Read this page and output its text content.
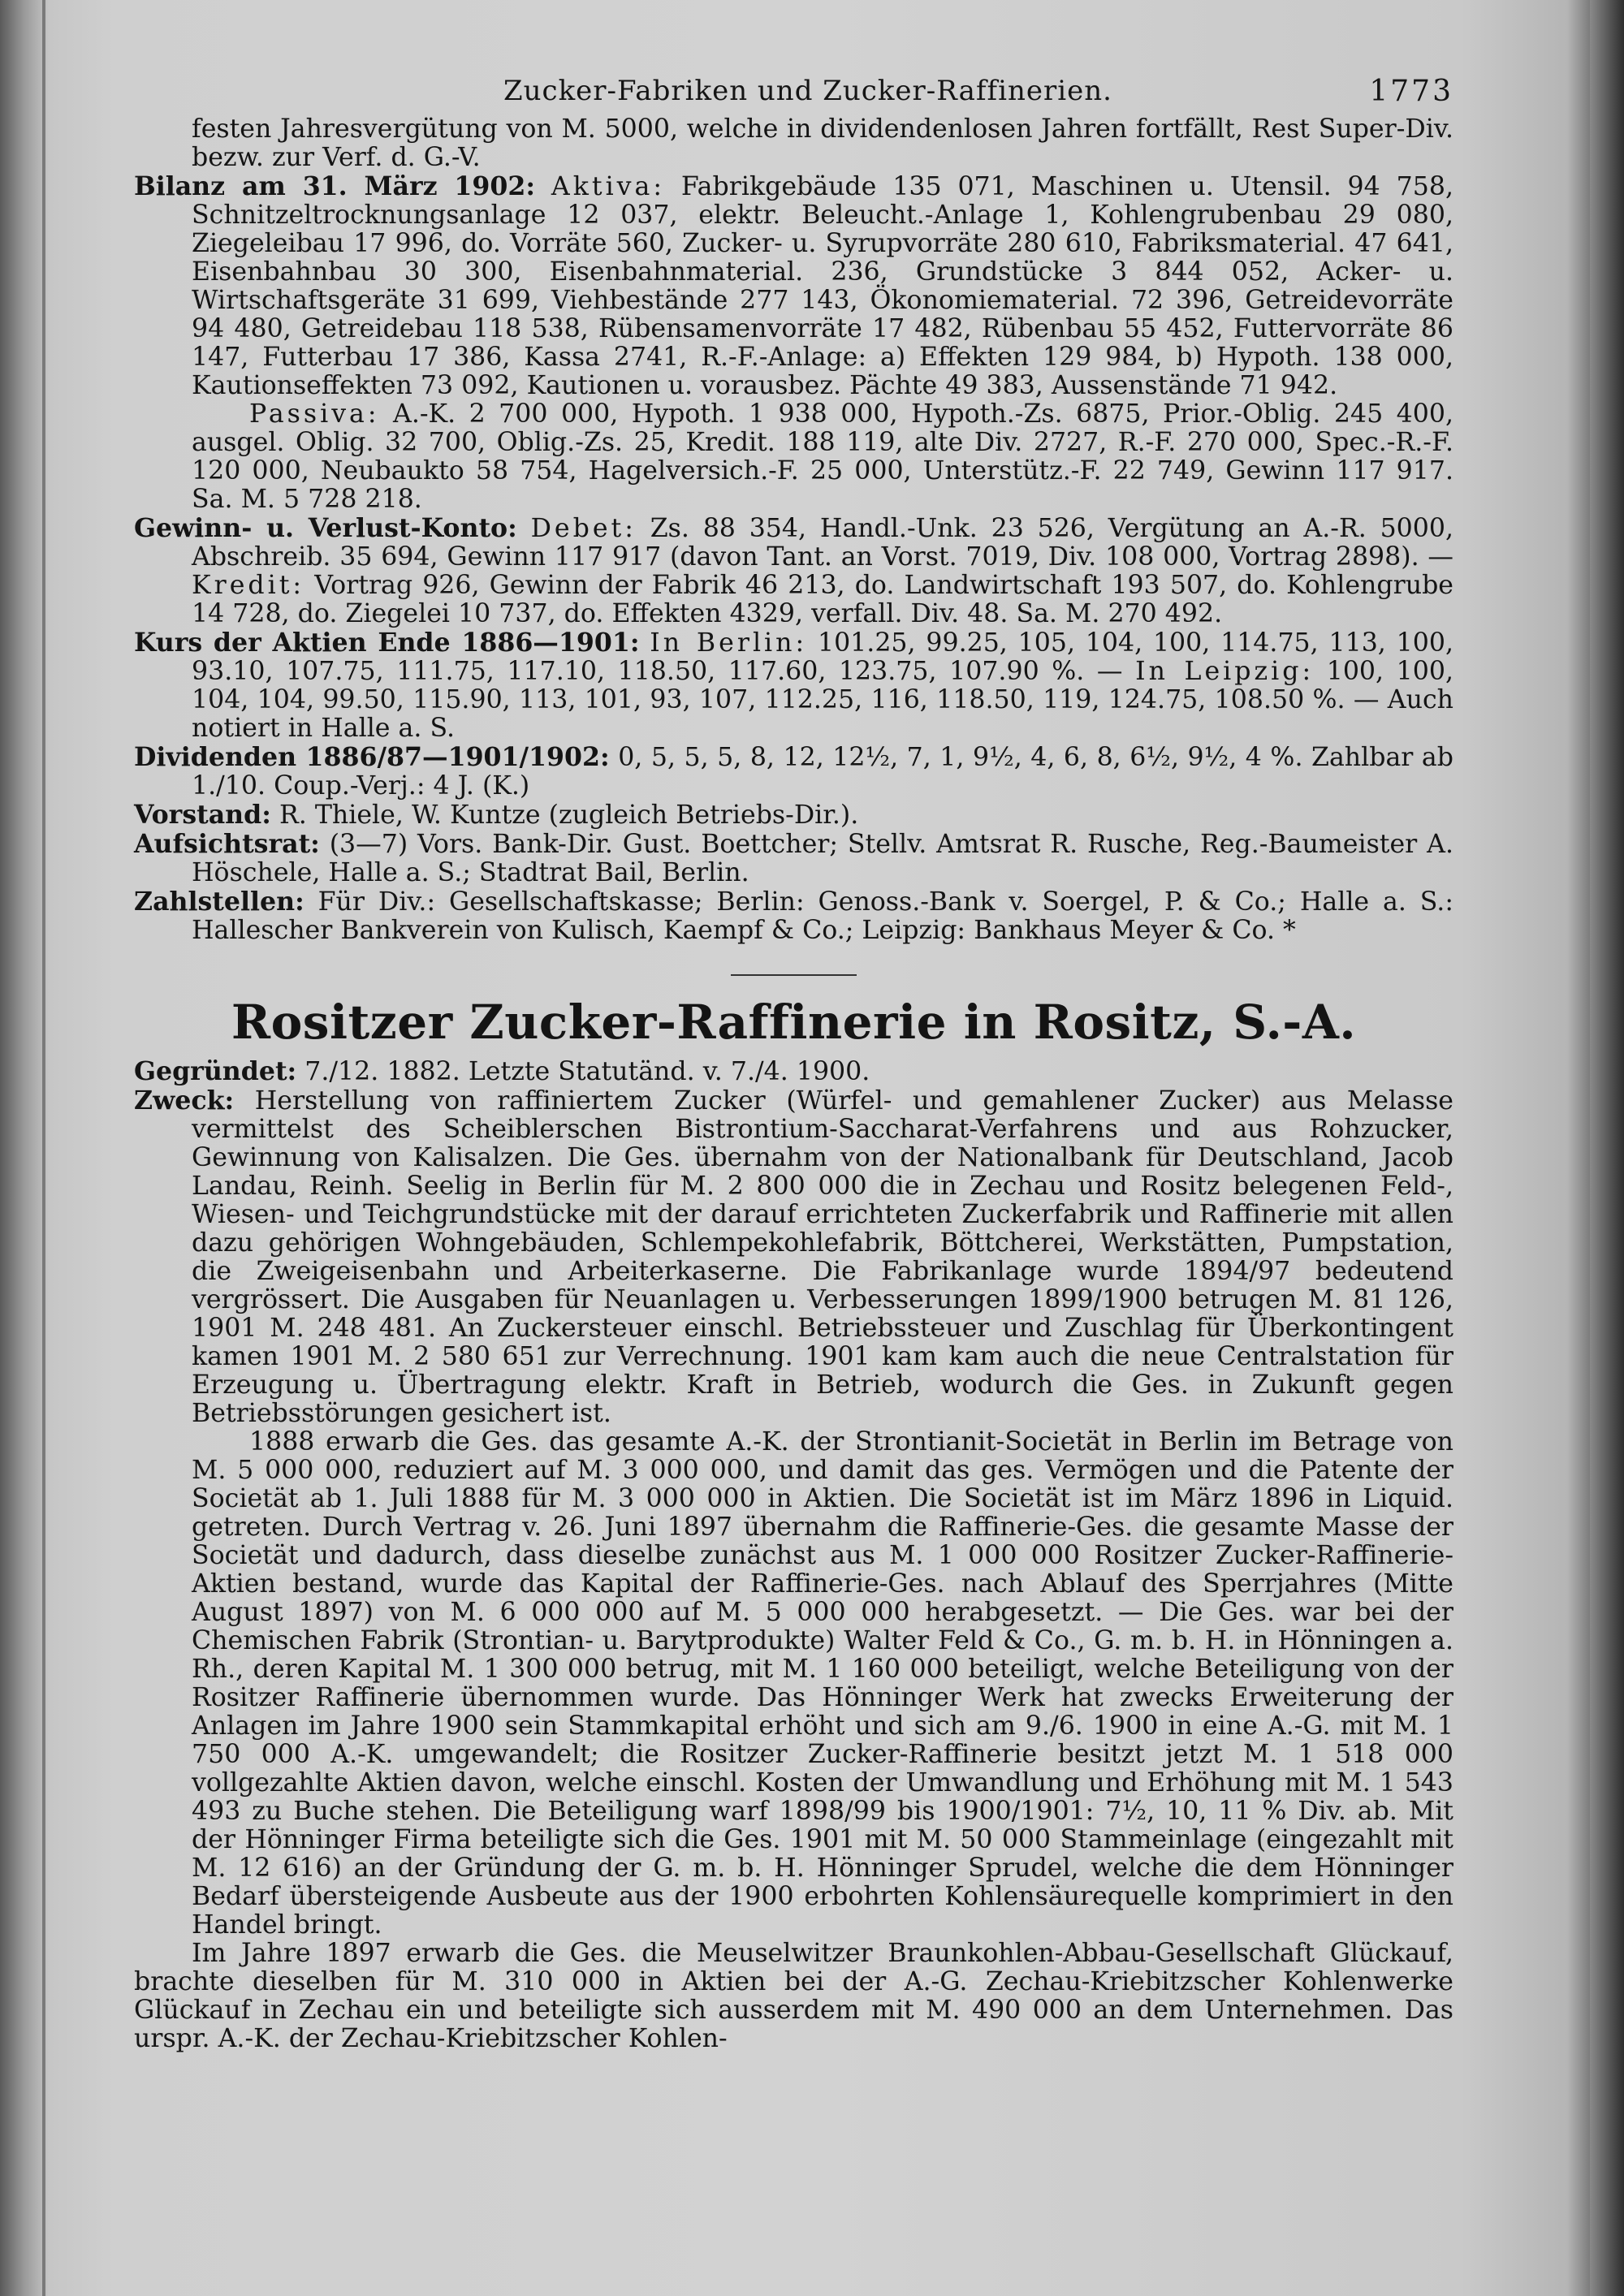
Zucker-Fabriken und Zucker-Raffinerien.	1773

festen Jahresvergütung von M. 5000, welche in dividendenlosen Jahren fortfällt, Rest Super-Div. bezw. zur Verf. d. G.-V.

Bilanz am 31. März 1902: Aktiva: Fabrikgebäude 135 071, Maschinen u. Utensil. 94 758, Schnitzeltrocknungsanlage 12 037, elektr. Beleucht.-Anlage 1, Kohlengrubenbau 29 080, Ziegeleibau 17 996, do. Vorräte 560, Zucker- u. Syrupvorräte 280 610, Fabriksmaterial. 47 641, Eisenbahnbau 30 300, Eisenbahnmaterial. 236, Grundstücke 3 844 052, Acker- u. Wirtschaftsgeräte 31 699, Viehbestände 277 143, Ökonomiematerial. 72 396, Getreidevorräte 94 480, Getreidebau 118 538, Rübensamenvorräte 17 482, Rübenbau 55 452, Futtervorräte 86 147, Futterbau 17 386, Kassa 2741, R.-F.-Anlage: a) Effekten 129 984, b) Hypoth. 138 000, Kautionseffekten 73 092, Kautionen u. vorausbez. Pächte 49 383, Aussenstände 71 942.
Passiva: A.-K. 2 700 000, Hypoth. 1 938 000, Hypoth.-Zs. 6875, Prior.-Oblig. 245 400, ausgel. Oblig. 32 700, Oblig.-Zs. 25, Kredit. 188 119, alte Div. 2727, R.-F. 270 000, Spec.-R.-F. 120 000, Neubaukto 58 754, Hagelversich.-F. 25 000, Unterstütz.-F. 22 749, Gewinn 117 917. Sa. M. 5 728 218.

Gewinn- u. Verlust-Konto: Debet: Zs. 88 354, Handl.-Unk. 23 526, Vergütung an A.-R. 5000, Abschreib. 35 694, Gewinn 117 917 (davon Tant. an Vorst. 7019, Div. 108 000, Vortrag 2898). — Kredit: Vortrag 926, Gewinn der Fabrik 46 213, do. Landwirtschaft 193 507, do. Kohlengrube 14 728, do. Ziegelei 10 737, do. Effekten 4329, verfall. Div. 48. Sa. M. 270 492.

Kurs der Aktien Ende 1886—1901: In Berlin: 101.25, 99.25, 105, 104, 100, 114.75, 113, 100, 93.10, 107.75, 111.75, 117.10, 118.50, 117.60, 123.75, 107.90 %. — In Leipzig: 100, 100, 104, 104, 99.50, 115.90, 113, 101, 93, 107, 112.25, 116, 118.50, 119, 124.75, 108.50 %. — Auch notiert in Halle a. S.

Dividenden 1886/87—1901/1902: 0, 5, 5, 5, 8, 12, 12½, 7, 1, 9½, 4, 6, 8, 6½, 9½, 4 %. Zahlbar ab 1./10. Coup.-Verj.: 4 J. (K.)

Vorstand: R. Thiele, W. Kuntze (zugleich Betriebs-Dir.).

Aufsichtsrat: (3—7) Vors. Bank-Dir. Gust. Boettcher; Stellv. Amtsrat R. Rusche, Reg.-Baumeister A. Höschele, Halle a. S.; Stadtrat Bail, Berlin.

Zahlstellen: Für Div.: Gesellschaftskasse; Berlin: Genoss.-Bank v. Soergel, P. & Co.; Halle a. S.: Hallescher Bankverein von Kulisch, Kaempf & Co.; Leipzig: Bankhaus Meyer & Co. *

Rositzer Zucker-Raffinerie in Rositz, S.-A.

Gegründet: 7./12. 1882. Letzte Statutänd. v. 7./4. 1900.

Zweck: Herstellung von raffiniertem Zucker (Würfel- und gemahlener Zucker) aus Melasse vermittelst des Scheiblerschen Bistrontium-Saccharat-Verfahrens und aus Rohzucker, Gewinnung von Kalisalzen. Die Ges. übernahm von der Nationalbank für Deutschland, Jacob Landau, Reinh. Seelig in Berlin für M. 2 800 000 die in Zechau und Rositz belegenen Feld-, Wiesen- und Teichgrundstücke mit der darauf errichteten Zuckerfabrik und Raffinerie mit allen dazu gehörigen Wohngebäuden, Schlempekohlefabrik, Böttcherei, Werkstätten, Pumpstation, die Zweigeisenbahn und Arbeiterkaserne. Die Fabrikanlage wurde 1894/97 bedeutend vergrössert. Die Ausgaben für Neuanlagen u. Verbesserungen 1899/1900 betrugen M. 81 126, 1901 M. 248 481. An Zuckersteuer einschl. Betriebssteuer und Zuschlag für Überkontingent kamen 1901 M. 2 580 651 zur Verrechnung. 1901 kam kam auch die neue Centralstation für Erzeugung u. Übertragung elektr. Kraft in Betrieb, wodurch die Ges. in Zukunft gegen Betriebsstörungen gesichert ist.

1888 erwarb die Ges. das gesamte A.-K. der Strontianit-Societät in Berlin im Betrage von M. 5 000 000, reduziert auf M. 3 000 000, und damit das ges. Vermögen und die Patente der Societät ab 1. Juli 1888 für M. 3 000 000 in Aktien. Die Societät ist im März 1896 in Liquid. getreten. Durch Vertrag v. 26. Juni 1897 übernahm die Raffinerie-Ges. die gesamte Masse der Societät und dadurch, dass dieselbe zunächst aus M. 1 000 000 Rositzer Zucker-Raffinerie-Aktien bestand, wurde das Kapital der Raffinerie-Ges. nach Ablauf des Sperrjahres (Mitte August 1897) von M. 6 000 000 auf M. 5 000 000 herabgesetzt. — Die Ges. war bei der Chemischen Fabrik (Strontian- u. Barytprodukte) Walter Feld & Co., G. m. b. H. in Hönningen a. Rh., deren Kapital M. 1 300 000 betrug, mit M. 1 160 000 beteiligt, welche Beteiligung von der Rositzer Raffinerie übernommen wurde. Das Hönninger Werk hat zwecks Erweiterung der Anlagen im Jahre 1900 sein Stammkapital erhöht und sich am 9./6. 1900 in eine A.-G. mit M. 1 750 000 A.-K. umgewandelt; die Rositzer Zucker-Raffinerie besitzt jetzt M. 1 518 000 vollgezahlte Aktien davon, welche einschl. Kosten der Umwandlung und Erhöhung mit M. 1 543 493 zu Buche stehen. Die Beteiligung warf 1898/99 bis 1900/1901: 7½, 10, 11 % Div. ab. Mit der Hönninger Firma beteiligte sich die Ges. 1901 mit M. 50 000 Stammeinlage (eingezahlt mit M. 12 616) an der Gründung der G. m. b. H. Hönninger Sprudel, welche die dem Hönninger Bedarf übersteigende Ausbeute aus der 1900 erbohrten Kohlensäurequelle komprimiert in den Handel bringt.

Im Jahre 1897 erwarb die Ges. die Meuselwitzer Braunkohlen-Abbau-Gesellschaft Glückauf, brachte dieselben für M. 310 000 in Aktien bei der A.-G. Zechau-Kriebitzscher Kohlenwerke Glückauf in Zechau ein und beteiligte sich ausserdem mit M. 490 000 an dem Unternehmen. Das urspr. A.-K. der Zechau-Kriebitzscher Kohlen-
